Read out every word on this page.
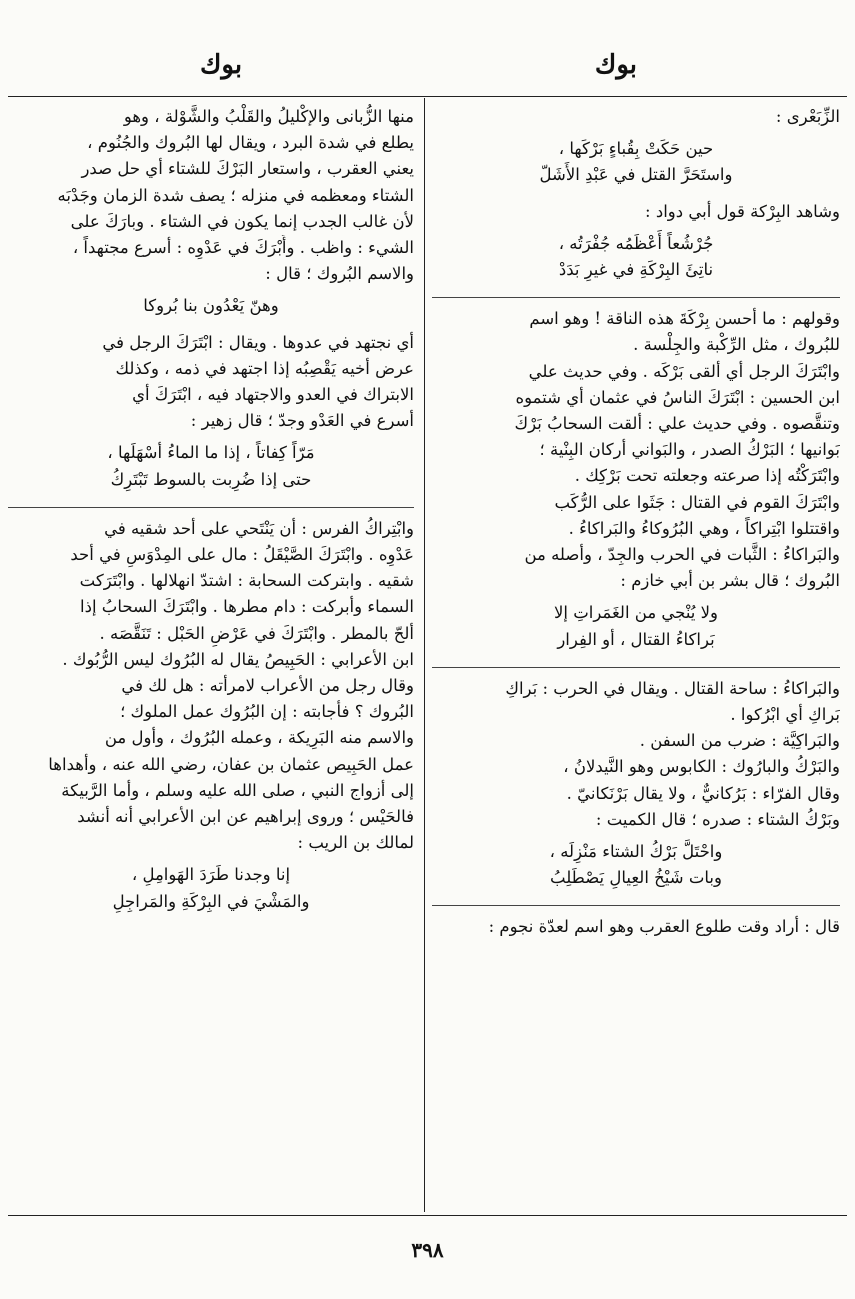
بوك
بوك
الزِّبَعْرى :
حين حَكَتْ بِقُباءٍ بَرْكَها ،
واستَحَرَّ القتل في عَبْدِ الأَشَلّ
وشاهد البِرْكة قول أبي دواد :
جُرْشُعاً أَعْظَمُه جُفْرَتُه ،
ناتِئَ البِرْكَةِ في غيرِ بَدَدْ
وقولهم : ما أحسن بِرْكَةَ هذه الناقة ! وهو اسم
للبُروك ، مثل الرِّكْبة والجِلْسة .
وابْتَرَكَ الرجل أي ألقى بَرْكَه . وفي حديث علي
ابن الحسين : ابْتَرَكَ الناسُ في عثمان أي شتموه
وتنقَّصوه . وفي حديث علي : ألقت السحابُ بَرْكَ
بَوانيها ؛ البَرْكُ الصدر ، والبَواني أركان البِنْية ؛
وابْتَرَكْتُه إذا صرعته وجعلته تحت بَرْكِك .
وابْتَرَكَ القوم في القتال : جَثَوا على الرُّكَب
واقتتلوا ابْتِراكاً ، وهي البُرُوكاءُ والبَراكاءُ .
والبَراكاءُ : الثَّبات في الحرب والجِدّ ، وأصله من
البُروك ؛ قال بشر بن أبي خازم :
ولا يُنْجي من الغَمَراتِ إلا
بَراكاءُ القتال ، أو الفِرار
والبَراكاءُ : ساحة القتال . ويقال في الحرب : بَراكِ
بَراكِ أي ابْرُكوا .
والبَراكِيَّة : ضرب من السفن .
والبَرْكُ والبارُوك : الكابوس وهو النَّيدلانُ ،
وقال الفرّاء : بَرُكانيٌّ ، ولا يقال بَرْنَكانيّ .
وبَرْكُ الشتاء : صدره ؛ قال الكميت :
واحْتَلَّ بَرْكُ الشتاء مَنْزِلَه ،
وبات شَيْخُ العِيالِ يَصْطَلِبُ
قال : أراد وقت طلوع العقرب وهو اسم لعدّة نجوم :
منها الزُّبانى والإكْليلُ والقَلْبُ والشَّوْلة ، وهو
يطلع في شدة البرد ، ويقال لها البُروك والجُنُوم ،
يعني العقرب ، واستعار البَرْكَ للشتاء أي حل صدر
الشتاء ومعظمه في منزله ؛ يصف شدة الزمان وجَدْبَه
لأن غالب الجدب إنما يكون في الشتاء . وبارَكَ على
الشيء : واظب . وأَبْرَكَ في عَدْوِه : أسرع مجتهداً ،
والاسم البُروك ؛ قال :
وهنّ يَعْدُون بنا بُروكا
أي نجتهد في عدوها . ويقال : ابْتَرَكَ الرجل في
عرض أخيه يَقْصِبُه إذا اجتهد في ذمه ، وكذلك
الابتراك في العدو والاجتهاد فيه ، ابْتَرَكَ أي
أسرع في العَدْو وجدّ ؛ قال زهير :
مَرّاً كِفاتاً ، إذا ما الماءُ أسْهَلَها ،
حتى إذا ضُرِبت بالسوط تَبْتَرِكُ
وابْتِراكُ الفرس : أن يَنْتَحي على أحد شقيه في
عَدْوِه . وابْتَرَكَ الصَّيْقَلُ : مال على المِدْوَسِ في أحد
شقيه . وابتركت السحابة : اشتدّ انهلالها . وابْتَرَكت
السماء وأبركت : دام مطرها . وابْتَرَكَ السحابُ إذا
ألحّ بالمطر . وابْتَرَكَ في عَرْضِ الحَبْل : تَنَقَّصَه .
ابن الأعرابي : الحَبِيصُ يقال له البُرُوك ليس الرُّبُوك .
وقال رجل من الأعراب لامرأته : هل لك في
البُروك ؟ فأجابته : إن البُرُوك عمل الملوك ؛
والاسم منه البَرِيكة ، وعمله البُرُوك ، وأول من
عمل الحَبِيص عثمان بن عفان، رضي الله عنه ، وأهداها
إلى أزواج النبي ، صلى الله عليه وسلم ، وأما الرَّبيكة
فالحَيْس ؛ وروى إبراهيم عن ابن الأعرابي أنه أنشد
لمالك بن الريب :
إنا وجدنا طَرَدَ الهَوامِلِ ،
والمَشْيَ في البِرْكَةِ والمَراجِلِ
٣٩٨
